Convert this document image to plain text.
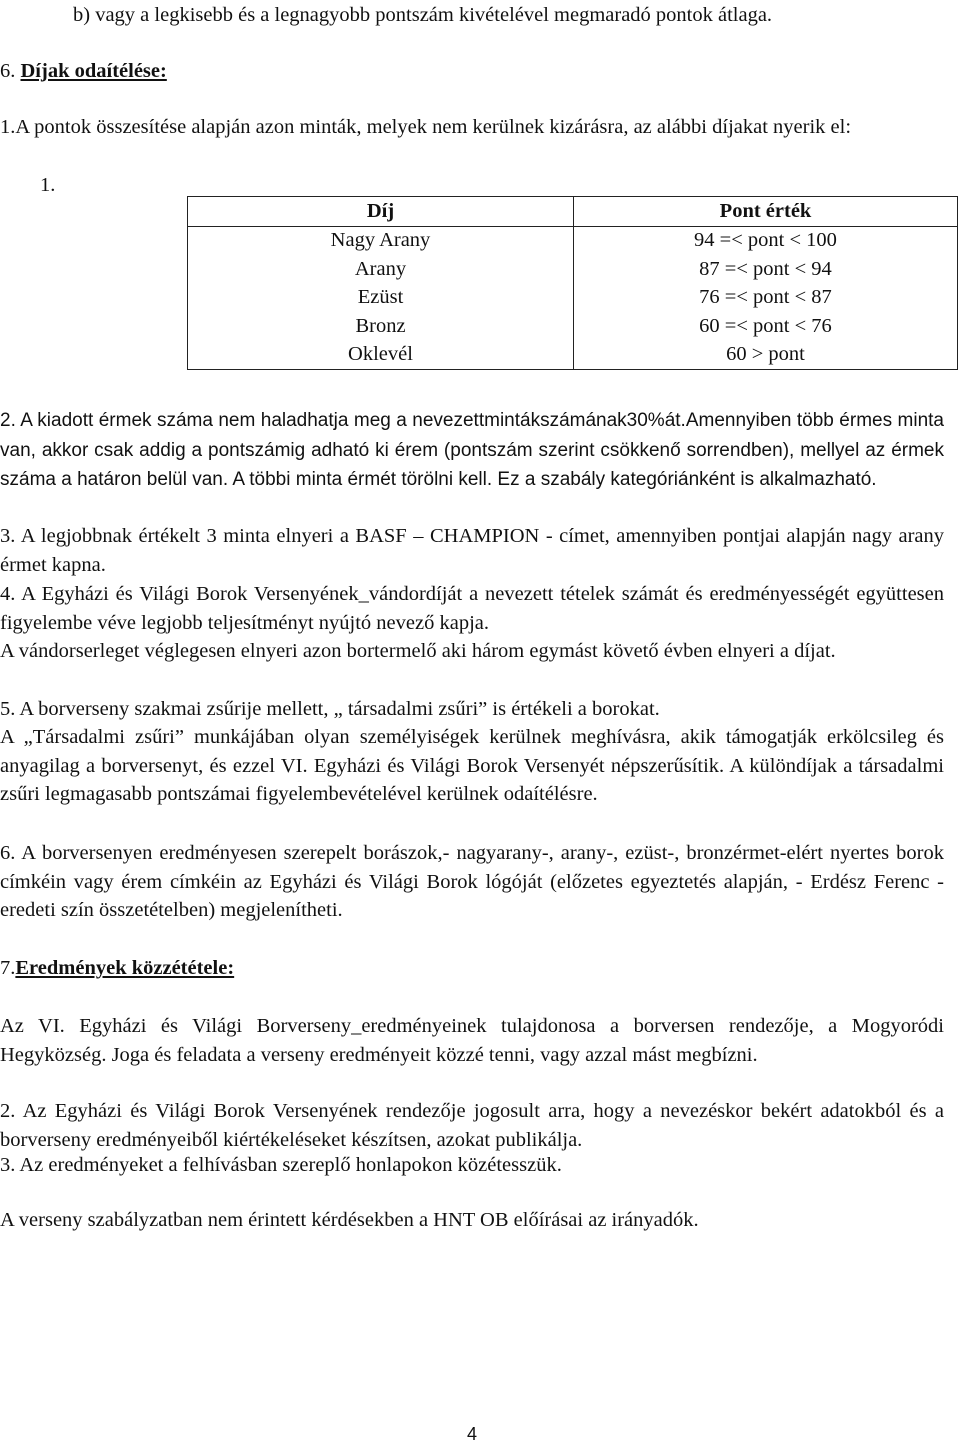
b) vagy a legkisebb és a legnagyobb pontszám kivételével megmaradó pontok átlaga.
6. Díjak odaítélése:
1.A pontok összesítése alapján azon minták, melyek nem kerülnek kizárásra, az alábbi díjakat nyerik el:
1.
Díj	Pont érték
Nagy Arany	94 =< pont < 100
Arany	87 =< pont < 94
Ezüst	76 =< pont < 87
Bronz	60 =< pont < 76
Oklevél	60 > pont
2. A kiadott érmek száma nem haladhatja meg a nevezettmintákszámának30%át.Amennyiben több érmes minta van, akkor csak addig a pontszámig adható ki érem (pontszám szerint csökkenő sorrendben), mellyel az érmek száma a határon belül van. A többi minta érmét törölni kell. Ez a szabály kategóriánként is alkalmazható.
3. A legjobbnak értékelt 3 minta elnyeri a BASF – CHAMPION - címet, amennyiben pontjai alapján nagy arany érmet kapna.
4. A Egyházi és Világi Borok Versenyének_vándordíját a nevezett tételek számát és eredményességét együttesen figyelembe véve legjobb teljesítményt nyújtó nevező kapja.
A vándorserleget véglegesen elnyeri azon bortermelő aki három egymást követő évben elnyeri a díjat.
5. A borverseny szakmai zsűrije mellett, „ társadalmi zsűri” is értékeli a borokat.
A „Társadalmi zsűri” munkájában olyan személyiségek kerülnek meghívásra, akik támogatják erkölcsileg és anyagilag a borversenyt, és ezzel VI. Egyházi és Világi Borok Versenyét népszerűsítik. A különdíjak a társadalmi zsűri legmagasabb pontszámai figyelembevételével kerülnek odaítélésre.
6. A borversenyen eredményesen szerepelt borászok,- nagyarany-, arany-, ezüst-, bronzérmet-elért nyertes borok címkéin vagy érem címkéin az Egyházi és Világi Borok lógóját (előzetes egyeztetés alapján, - Erdész Ferenc - eredeti szín összetételben) megjelenítheti.
7.Eredmények közzététele:
Az VI. Egyházi és Világi Borverseny_eredményeinek tulajdonosa a borversen rendezője, a Mogyoródi Hegyközség. Joga és feladata a verseny eredményeit közzé tenni, vagy azzal mást megbízni.
2. Az Egyházi és Világi Borok Versenyének rendezője jogosult arra, hogy a nevezéskor bekért adatokból és a borverseny eredményeiből kiértékeléseket készítsen, azokat publikálja.
3. Az eredményeket a felhívásban szereplő honlapokon közétesszük.
A verseny szabályzatban nem érintett kérdésekben a HNT OB előírásai az irányadók.
4
